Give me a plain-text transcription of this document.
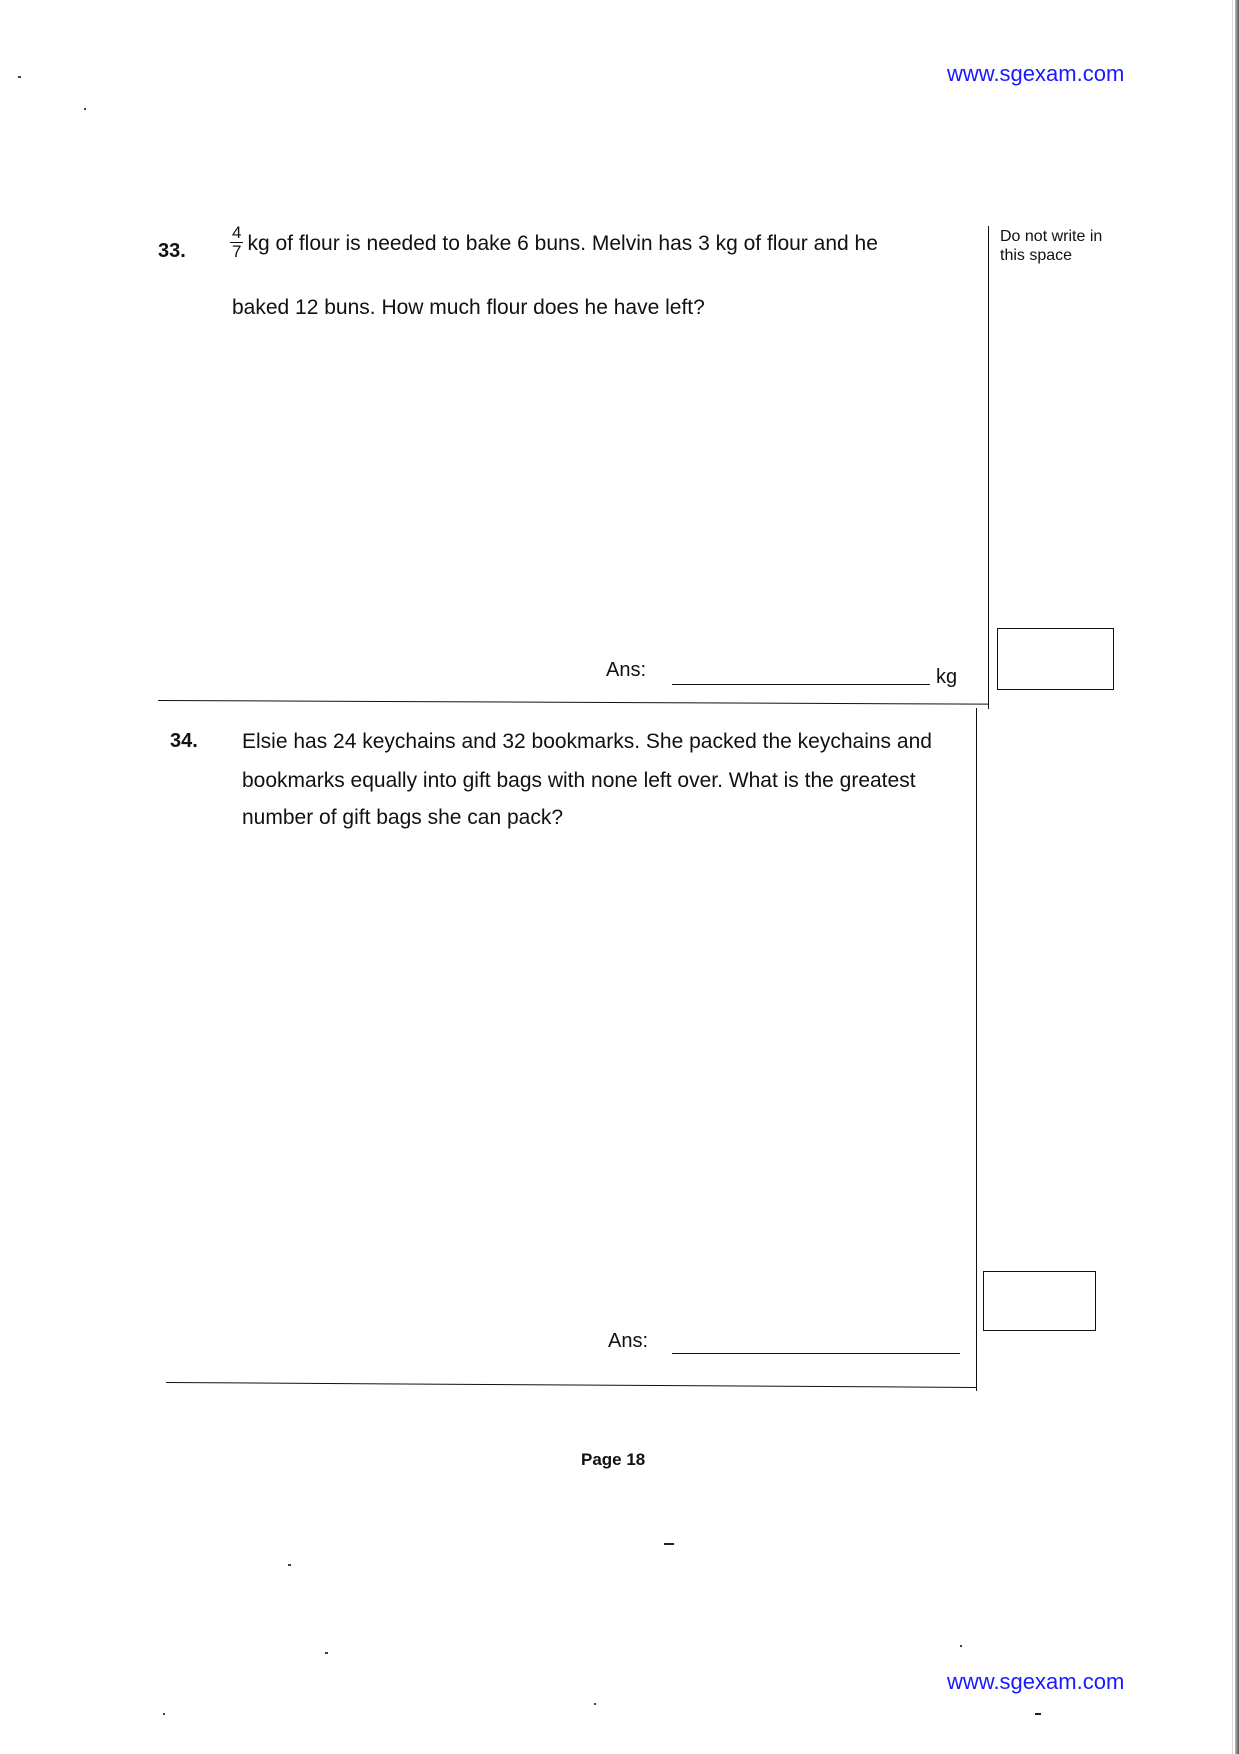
www.sgexam.com
Do not write in this space
33.	$\frac{4}{7}$ kg of flour is needed to bake 6 buns. Melvin has 3 kg of flour and he
baked 12 buns. How much flour does he have left?
Ans:	kg
34. Elsie has 24 keychains and 32 bookmarks. She packed the keychains and
bookmarks equally into gift bags with none left over. What is the greatest
number of gift bags she can pack?
Ans:
Page 18
www.sgexam.com
